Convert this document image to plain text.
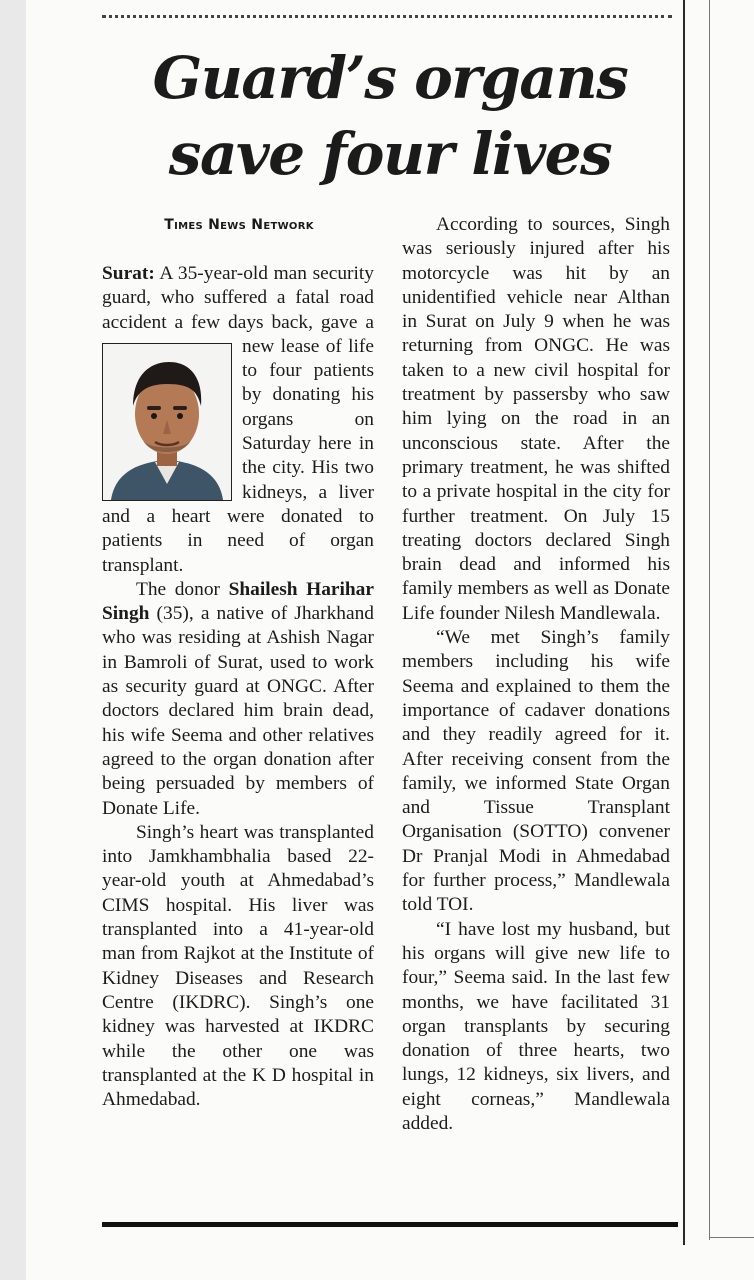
Guard’s organs
save four lives
Times News Network

Surat: A 35-year-old man security guard, who suffered a fatal road accident a few days
back, gave a new lease of life to four patients by donating his organs on Saturday here in the city. His two kidneys, a liver and a heart were donated to patients in need of organ transplant.

The donor Shailesh Harihar Singh (35), a native of Jharkhand who was residing at Ashish Nagar in Bamroli of Surat, used to work as security guard at ONGC. After doctors declared him brain dead, his wife Seema and other relatives agreed to the organ donation after being persuaded by members of Donate Life.

Singh’s heart was transplanted into Jamkhambhalia based 22-year-old youth at Ahmedabad’s CIMS hospital. His liver was transplanted into a 41-year-old man from Rajkot at the Institute of Kidney Diseases and Research Centre (IKDRC). Singh’s one kidney was harvested at IKDRC while the other one was transplanted at the K D hospital in Ahmedabad.

According to sources, Singh was seriously injured after his motorcycle was hit by an unidentified vehicle near Althan in Surat on July 9 when he was returning from ONGC. He was taken to a new civil hospital for treatment by passersby who saw him lying on the road in an unconscious state. After the primary treatment, he was shifted to a private hospital in the city for further treatment. On July 15 treating doctors declared Singh brain dead and informed his family members as well as Donate Life founder Nilesh Mandlewala.

“We met Singh’s family members including his wife Seema and explained to them the importance of cadaver donations and they readily agreed for it. After receiving consent from the family, we informed State Organ and Tissue Transplant Organisation (SOTTO) convener Dr Pranjal Modi in Ahmedabad for further process,” Mandlewala told TOI.

“I have lost my husband, but his organs will give new life to four,” Seema said. In the last few months, we have facilitated 31 organ transplants by securing donation of three hearts, two lungs, 12 kidneys, six livers, and eight corneas,” Mandlewala added.
